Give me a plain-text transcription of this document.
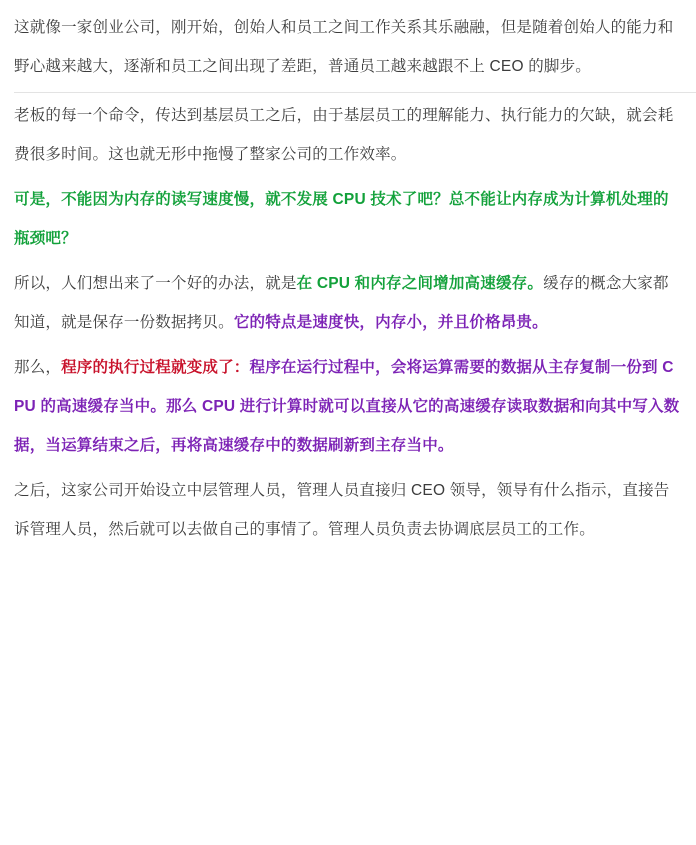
这就像一家创业公司，刚开始，创始人和员工之间工作关系其乐融融，但是随着创始人的能力和野心越来越大，逐渐和员工之间出现了差距，普通员工越来越跟不上 CEO 的脚步。

老板的每一个命令，传达到基层员工之后，由于基层员工的理解能力、执行能力的欠缺，就会耗费很多时间。这也就无形中拖慢了整家公司的工作效率。

可是，不能因为内存的读写速度慢，就不发展 CPU 技术了吧？总不能让内存成为计算机处理的瓶颈吧？

所以，人们想出来了一个好的办法，就是在 CPU 和内存之间增加高速缓存。缓存的概念大家都知道，就是保存一份数据拷贝。它的特点是速度快，内存小，并且价格昂贵。

那么，程序的执行过程就变成了：程序在运行过程中，会将运算需要的数据从主存复制一份到 CPU 的高速缓存当中。那么 CPU 进行计算时就可以直接从它的高速缓存读取数据和向其中写入数据，当运算结束之后，再将高速缓存中的数据刷新到主存当中。

之后，这家公司开始设立中层管理人员，管理人员直接归 CEO 领导，领导有什么指示，直接告诉管理人员，然后就可以去做自己的事情了。管理人员负责去协调底层员工的工作。
